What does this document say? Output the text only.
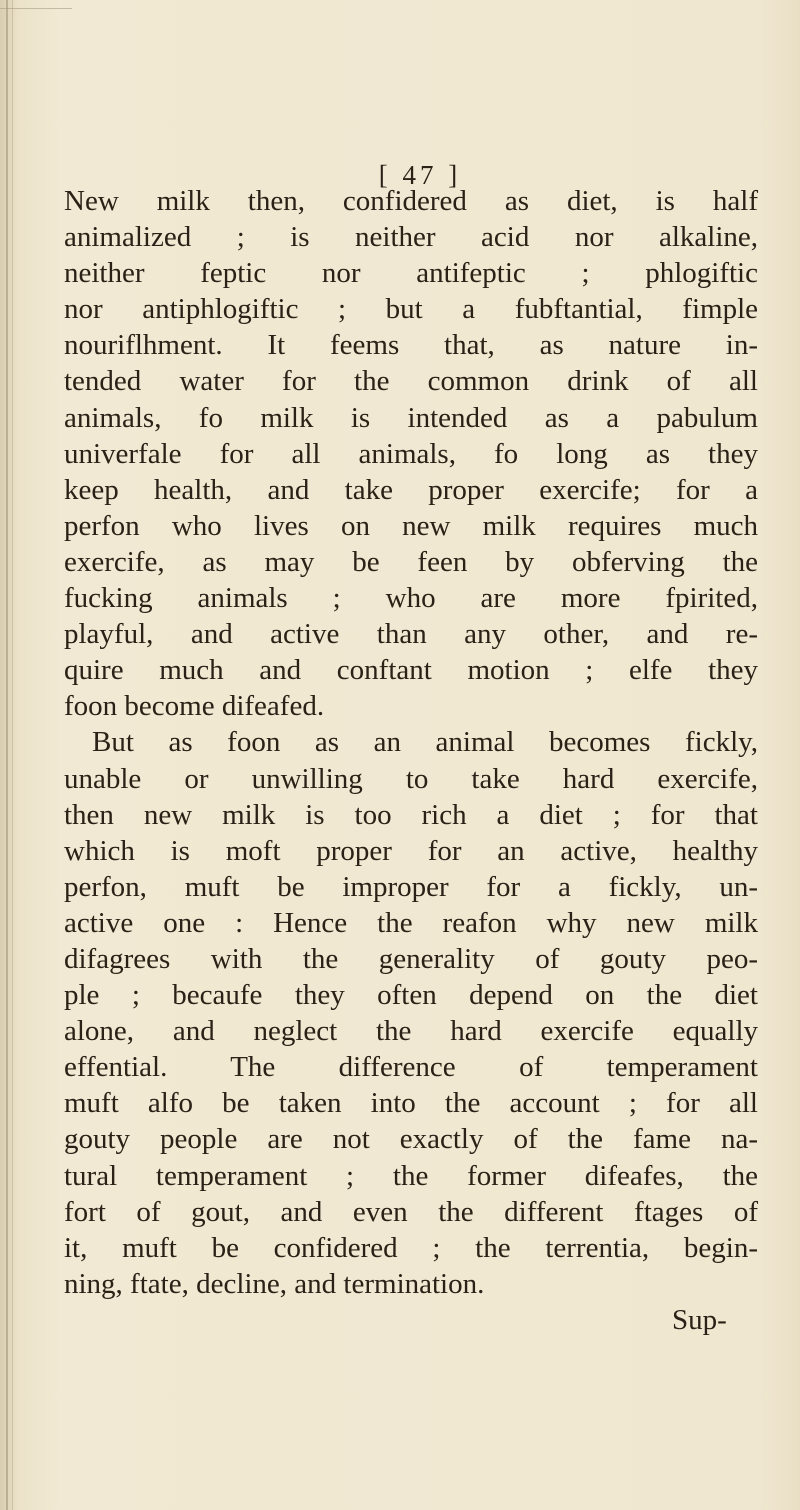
[ 47 ]
New milk then, confidered as diet, is half
animalized ; is neither acid nor alkaline,
neither feptic nor antifeptic ; phlogiftic
nor antiphlogiftic ; but a fubftantial, fimple
nouriflhment. It feems that, as nature in-
tended water for the common drink of all
animals, fo milk is intended as a pabulum
univerfale for all animals, fo long as they
keep health, and take proper exercife; for a
perfon who lives on new milk requires much
exercife, as may be feen by obferving the
fucking animals ; who are more fpirited,
playful, and active than any other, and re-
quire much and conftant motion ; elfe they
foon become difeafed.
But as foon as an animal becomes fickly,
unable or unwilling to take hard exercife,
then new milk is too rich a diet ; for that
which is moft proper for an active, healthy
perfon, muft be improper for a fickly, un-
active one : Hence the reafon why new milk
difagrees with the generality of gouty peo-
ple ; becaufe they often depend on the diet
alone, and neglect the hard exercife equally
effential. The difference of temperament
muft alfo be taken into the account ; for all
gouty people are not exactly of the fame na-
tural temperament ; the former difeafes, the
fort of gout, and even the different ftages of
it, muft be confidered ; the terrentia, begin-
ning, ftate, decline, and termination.
Sup-
